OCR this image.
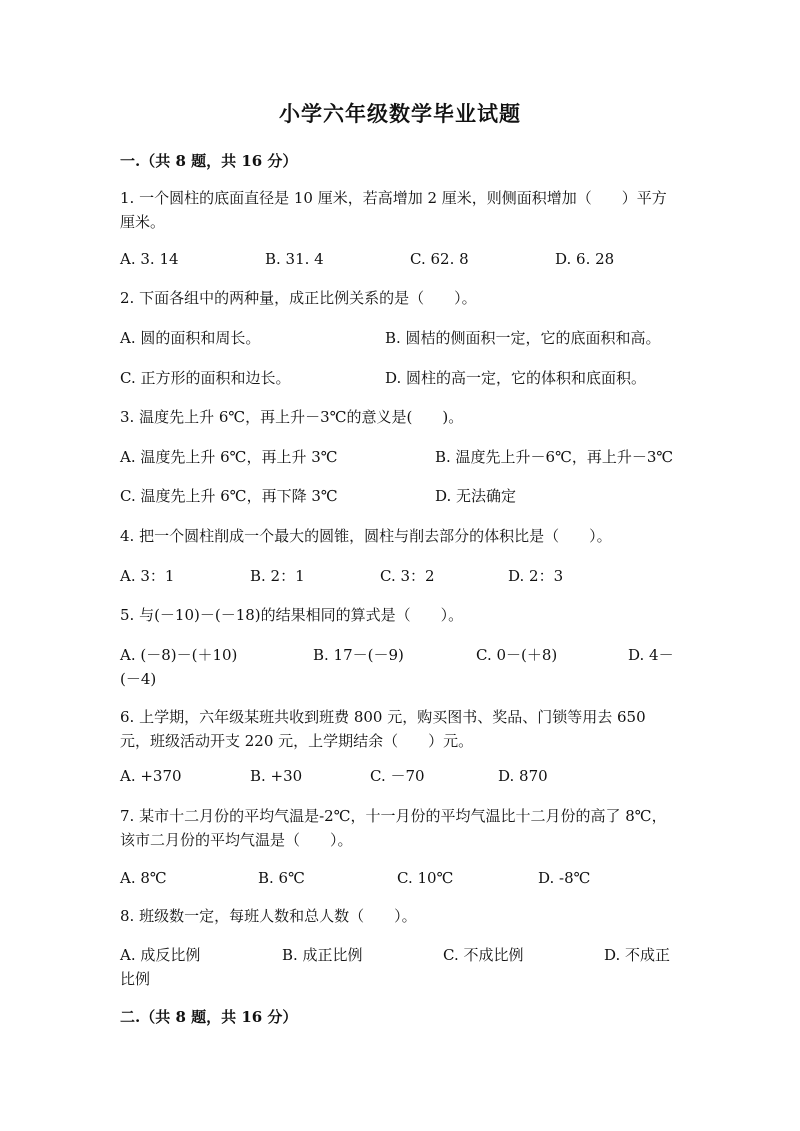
小学六年级数学毕业试题
一.（共 8 题，共 16 分）
1. 一个圆柱的底面直径是 10 厘米，若高增加 2 厘米，则侧面积增加（　　）平方厘米。
A. 3. 14	B. 31. 4	C. 62. 8	D. 6. 28
2. 下面各组中的两种量，成正比例关系的是（　　）。
A. 圆的面积和周长。	B. 圆桔的侧面积一定，它的底面积和高。
C. 正方形的面积和边长。	D. 圆柱的高一定，它的体积和底面积。
3. 温度先上升 6℃，再上升－3℃的意义是(　　)。
A. 温度先上升 6℃，再上升 3℃	B. 温度先上升－6℃，再上升－3℃
C. 温度先上升 6℃，再下降 3℃	D. 无法确定
4. 把一个圆柱削成一个最大的圆锥，圆柱与削去部分的体积比是（　　）。
A. 3：1	B. 2：1	C. 3：2	D. 2：3
5. 与(－10)－(－18)的结果相同的算式是（　　）。
A. (－8)－(＋10)	B. 17－(－9)	C. 0－(＋8)	D. 4－(－4)
6. 上学期，六年级某班共收到班费 800 元，购买图书、奖品、门锁等用去 650 元，班级活动开支 220 元，上学期结余（　　）元。
A. +370	B. +30	C. －70	D. 870
7. 某市十二月份的平均气温是-2℃，十一月份的平均气温比十二月份的高了 8℃，该市二月份的平均气温是（　　）。
A. 8℃	B. 6℃	C. 10℃	D. -8℃
8. 班级数一定，每班人数和总人数（　　）。
A. 成反比例	B. 成正比例	C. 不成比例	D. 不成正比例
二.（共 8 题，共 16 分）
